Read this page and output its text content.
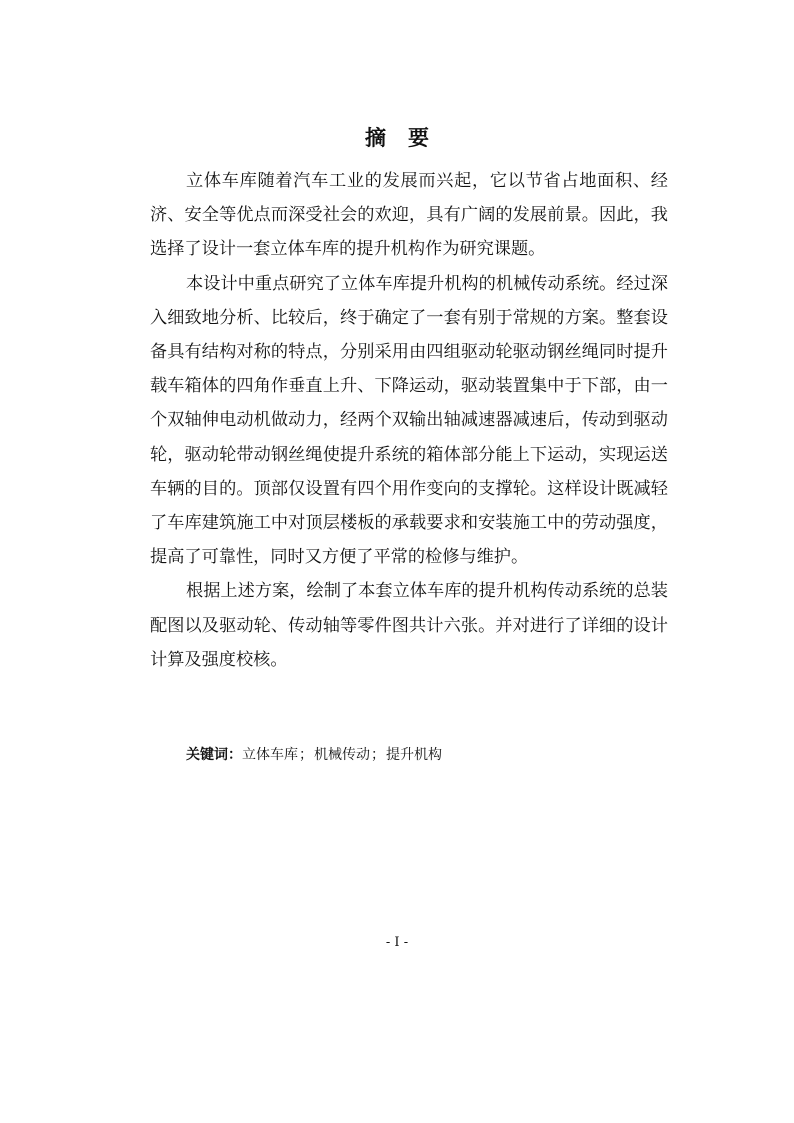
摘要

立体车库随着汽车工业的发展而兴起，它以节省占地面积、经济、安全等优点而深受社会的欢迎，具有广阔的发展前景。因此，我选择了设计一套立体车库的提升机构作为研究课题。

本设计中重点研究了立体车库提升机构的机械传动系统。经过深入细致地分析、比较后，终于确定了一套有别于常规的方案。整套设备具有结构对称的特点，分别采用由四组驱动轮驱动钢丝绳同时提升载车箱体的四角作垂直上升、下降运动，驱动装置集中于下部，由一个双轴伸电动机做动力，经两个双输出轴减速器减速后，传动到驱动轮，驱动轮带动钢丝绳使提升系统的箱体部分能上下运动，实现运送车辆的目的。顶部仅设置有四个用作变向的支撑轮。这样设计既减轻了车库建筑施工中对顶层楼板的承载要求和安装施工中的劳动强度，提高了可靠性，同时又方便了平常的检修与维护。

根据上述方案，绘制了本套立体车库的提升机构传动系统的总装配图以及驱动轮、传动轴等零件图共计六张。并对进行了详细的设计计算及强度校核。

关键词：立体车库；机械传动；提升机构

- I -
